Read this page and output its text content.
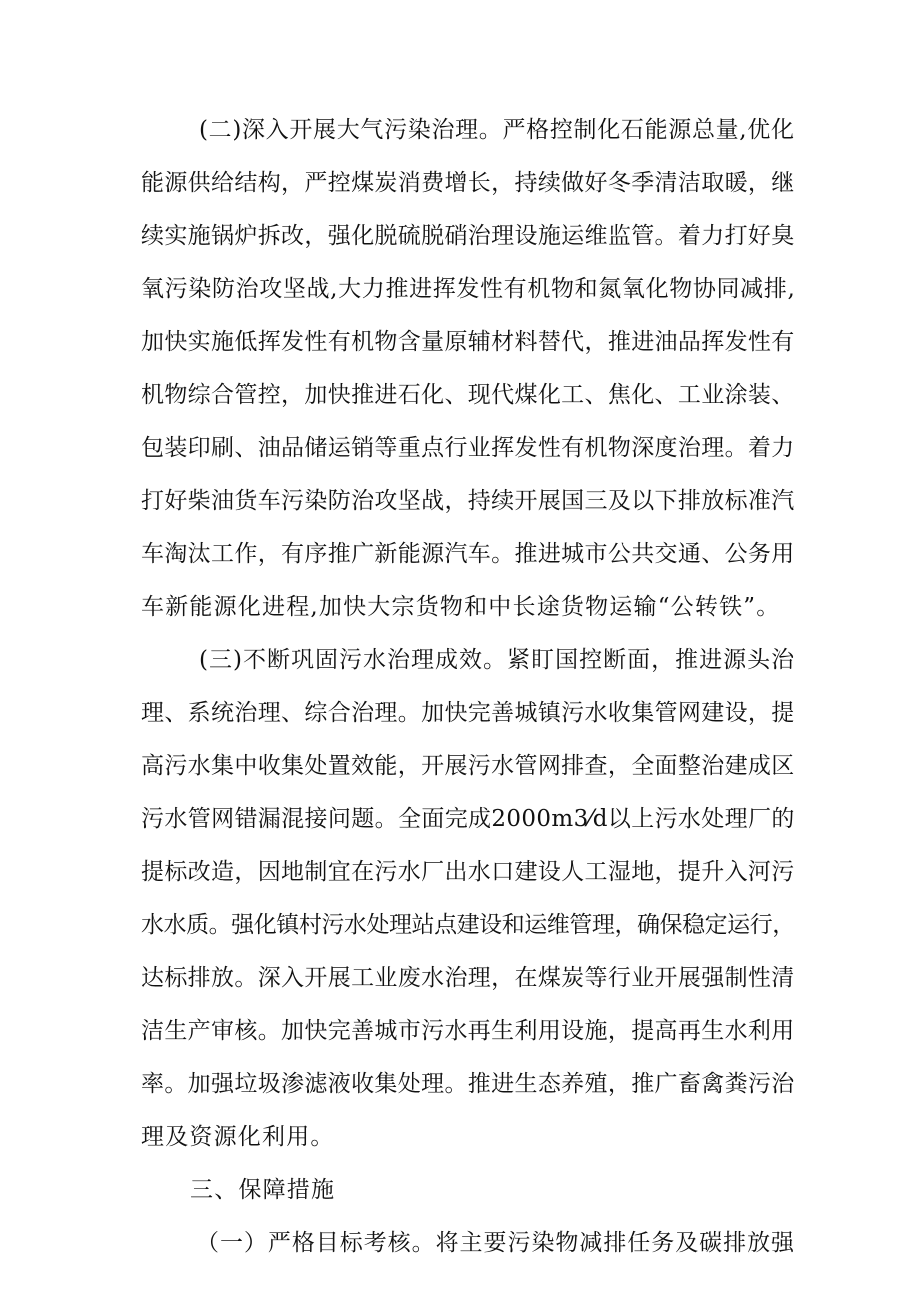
(二)深入开展大气污染治理。严格控制化石能源总量,优化
能源供给结构，严控煤炭消费增长，持续做好冬季清洁取暖，继
续实施锅炉拆改，强化脱硫脱硝治理设施运维监管。着力打好臭
氧污染防治攻坚战,大力推进挥发性有机物和氮氧化物协同减排,
加快实施低挥发性有机物含量原辅材料替代，推进油品挥发性有
机物综合管控，加快推进石化、现代煤化工、焦化、工业涂装、
包装印刷、油品储运销等重点行业挥发性有机物深度治理。着力
打好柴油货车污染防治攻坚战，持续开展国三及以下排放标准汽
车淘汰工作，有序推广新能源汽车。推进城市公共交通、公务用
车新能源化进程,加快大宗货物和中长途货物运输“公转铁”。
(三)不断巩固污水治理成效。紧盯国控断面，推进源头治
理、系统治理、综合治理。加快完善城镇污水收集管网建设，提
高污水集中收集处置效能，开展污水管网排查，全面整治建成区
污水管网错漏混接问题。全面完成2000m3⁄d以上污水处理厂的
提标改造，因地制宜在污水厂出水口建设人工湿地，提升入河污
水水质。强化镇村污水处理站点建设和运维管理，确保稳定运行，
达标排放。深入开展工业废水治理，在煤炭等行业开展强制性清
洁生产审核。加快完善城市污水再生利用设施，提高再生水利用
率。加强垃圾渗滤液收集处理。推进生态养殖，推广畜禽粪污治
理及资源化利用。
三、保障措施
（一）严格目标考核。将主要污染物减排任务及碳排放强
